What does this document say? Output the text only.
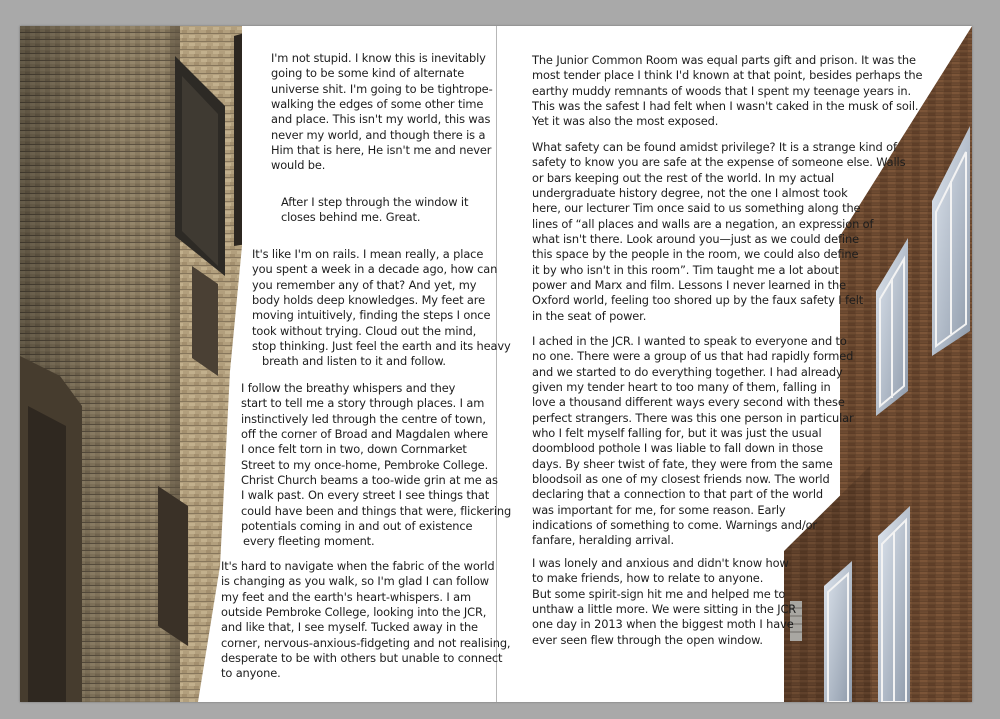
I'm not stupid. I know this is inevitably
going to be some kind of alternate
universe shit. I'm going to be tightrope-
walking the edges of some other time
and place. This isn't my world, this was
never my world, and though there is a
Him that is here, He isn't me and never
would be.
After I step through the window it
closes behind me. Great.
It's like I'm on rails. I mean really, a place
you spent a week in a decade ago, how can
you remember any of that? And yet, my
body holds deep knowledges. My feet are
moving intuitively, finding the steps I once
took without trying. Cloud out the mind,
stop thinking. Just feel the earth and its heavy
breath and listen to it and follow.
I follow the breathy whispers and they
start to tell me a story through places. I am
instinctively led through the centre of town,
off the corner of Broad and Magdalen where
I once felt torn in two, down Cornmarket
Street to my once-home, Pembroke College.
Christ Church beams a too-wide grin at me as
I walk past. On every street I see things that
could have been and things that were, flickering
potentials coming in and out of existence
every fleeting moment.
It's hard to navigate when the fabric of the world
is changing as you walk, so I'm glad I can follow
my feet and the earth's heart-whispers. I am
outside Pembroke College, looking into the JCR,
and like that, I see myself. Tucked away in the
corner, nervous-anxious-fidgeting and not realising,
desperate to be with others but unable to connect
to anyone.
The Junior Common Room was equal parts gift and prison. It was the
most tender place I think I'd known at that point, besides perhaps the
earthy muddy remnants of woods that I spent my teenage years in.
This was the safest I had felt when I wasn't caked in the musk of soil.
Yet it was also the most exposed.
What safety can be found amidst privilege? It is a strange kind of
safety to know you are safe at the expense of someone else. Walls
or bars keeping out the rest of the world. In my actual
undergraduate history degree, not the one I almost took
here, our lecturer Tim once said to us something along the
lines of “all places and walls are a negation, an expression of
what isn't there. Look around you—just as we could define
this space by the people in the room, we could also define
it by who isn't in this room”. Tim taught me a lot about
power and Marx and film. Lessons I never learned in the
Oxford world, feeling too shored up by the faux safety I felt
in the seat of power.
I ached in the JCR. I wanted to speak to everyone and to
no one. There were a group of us that had rapidly formed
and we started to do everything together. I had already
given my tender heart to too many of them, falling in
love a thousand different ways every second with these
perfect strangers. There was this one person in particular
who I felt myself falling for, but it was just the usual
doomblood pothole I was liable to fall down in those
days. By sheer twist of fate, they were from the same
bloodsoil as one of my closest friends now. The world
declaring that a connection to that part of the world
was important for me, for some reason. Early
indications of something to come. Warnings and/or
fanfare, heralding arrival.
I was lonely and anxious and didn't know how
to make friends, how to relate to anyone.
But some spirit-sign hit me and helped me to
unthaw a little more. We were sitting in the JCR
one day in 2013 when the biggest moth I have
ever seen flew through the open window.
